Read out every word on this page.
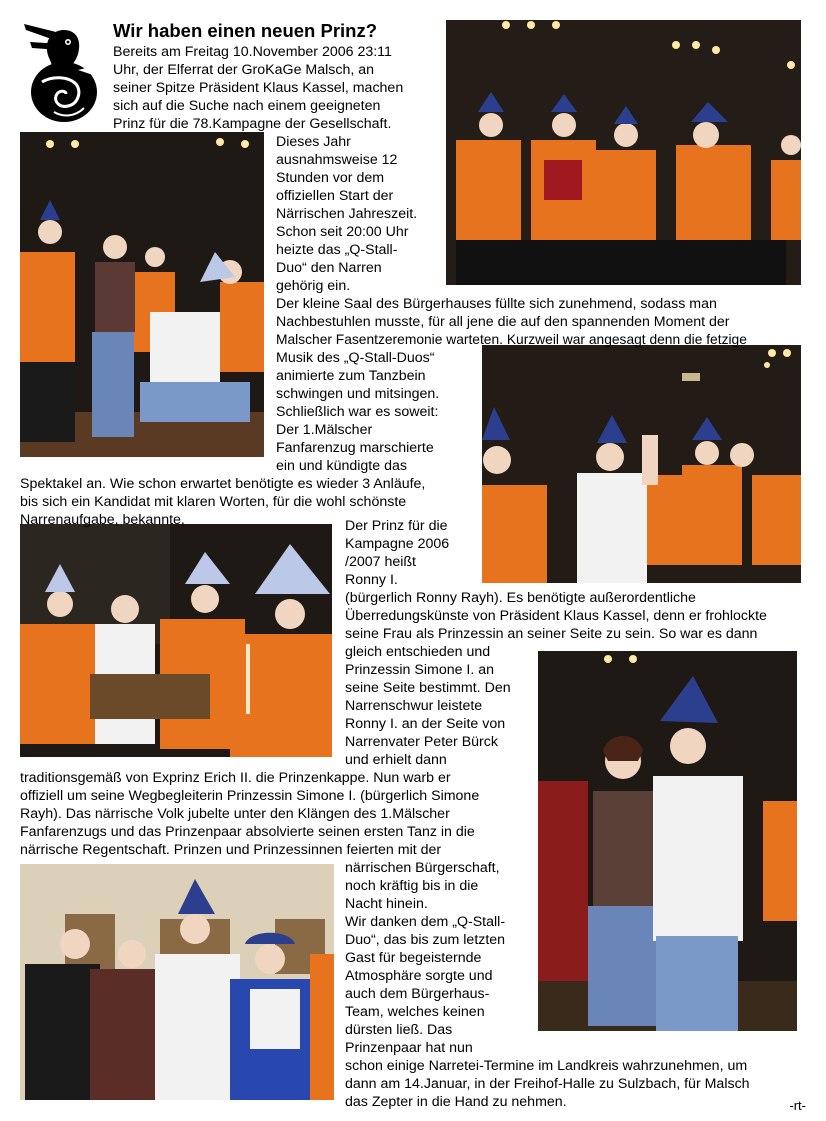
Wir haben einen neuen Prinz?
Bereits am Freitag 10.November 2006 23:11
Uhr, der Elferrat der GroKaGe Malsch, an
seiner Spitze Präsident Klaus Kassel, machen
sich auf die Suche nach einem geeigneten
Prinz für die 78.Kampagne der Gesellschaft.
Dieses Jahr
ausnahmsweise 12
Stunden vor dem
offiziellen Start der
Närrischen Jahreszeit.
Schon seit 20:00 Uhr
heizte das „Q-Stall-
Duo“ den Narren
gehörig ein.
Der kleine Saal des Bürgerhauses füllte sich zunehmend, sodass man
Nachbestuhlen musste, für all jene die auf den spannenden Moment der
Malscher Fasentzeremonie warteten. Kurzweil war angesagt denn die fetzige
Musik des „Q-Stall-Duos“
animierte zum Tanzbein
schwingen und mitsingen.
Schließlich war es soweit:
Der 1.Mälscher
Fanfarenzug marschierte
ein und kündigte das
Spektakel an. Wie schon erwartet benötigte es wieder 3 Anläufe,
bis sich ein Kandidat mit klaren Worten, für die wohl schönste
Narrenaufgabe, bekannte.	Der Prinz für die
Kampagne 2006
/2007 heißt
Ronny I.
(bürgerlich Ronny Rayh). Es benötigte außerordentliche
Überredungskünste von Präsident Klaus Kassel, denn er frohlockte
seine Frau als Prinzessin an seiner Seite zu sein. So war es dann
gleich entschieden und
Prinzessin Simone I. an
seine Seite bestimmt. Den
Narrenschwur leistete
Ronny I. an der Seite von
Narrenvater Peter Bürck
und erhielt dann
traditionsgemäß von Exprinz Erich II. die Prinzenkappe. Nun warb er
offiziell um seine Wegbegleiterin Prinzessin Simone I. (bürgerlich Simone
Rayh). Das närrische Volk jubelte unter den Klängen des 1.Mälscher
Fanfarenzugs und das Prinzenpaar absolvierte seinen ersten Tanz in die
närrische Regentschaft. Prinzen und Prinzessinnen feierten mit der
närrischen Bürgerschaft,
noch kräftig bis in die
Nacht hinein.
Wir danken dem „Q-Stall-
Duo“, das bis zum letzten
Gast für begeisternde
Atmosphäre sorgte und
auch dem Bürgerhaus-
Team, welches keinen
dürsten ließ. Das
Prinzenpaar hat nun
schon einige Narretei-Termine im Landkreis wahrzunehmen, um
dann am 14.Januar, in der Freihof-Halle zu Sulzbach, für Malsch
das Zepter in die Hand zu nehmen.	-rt-
